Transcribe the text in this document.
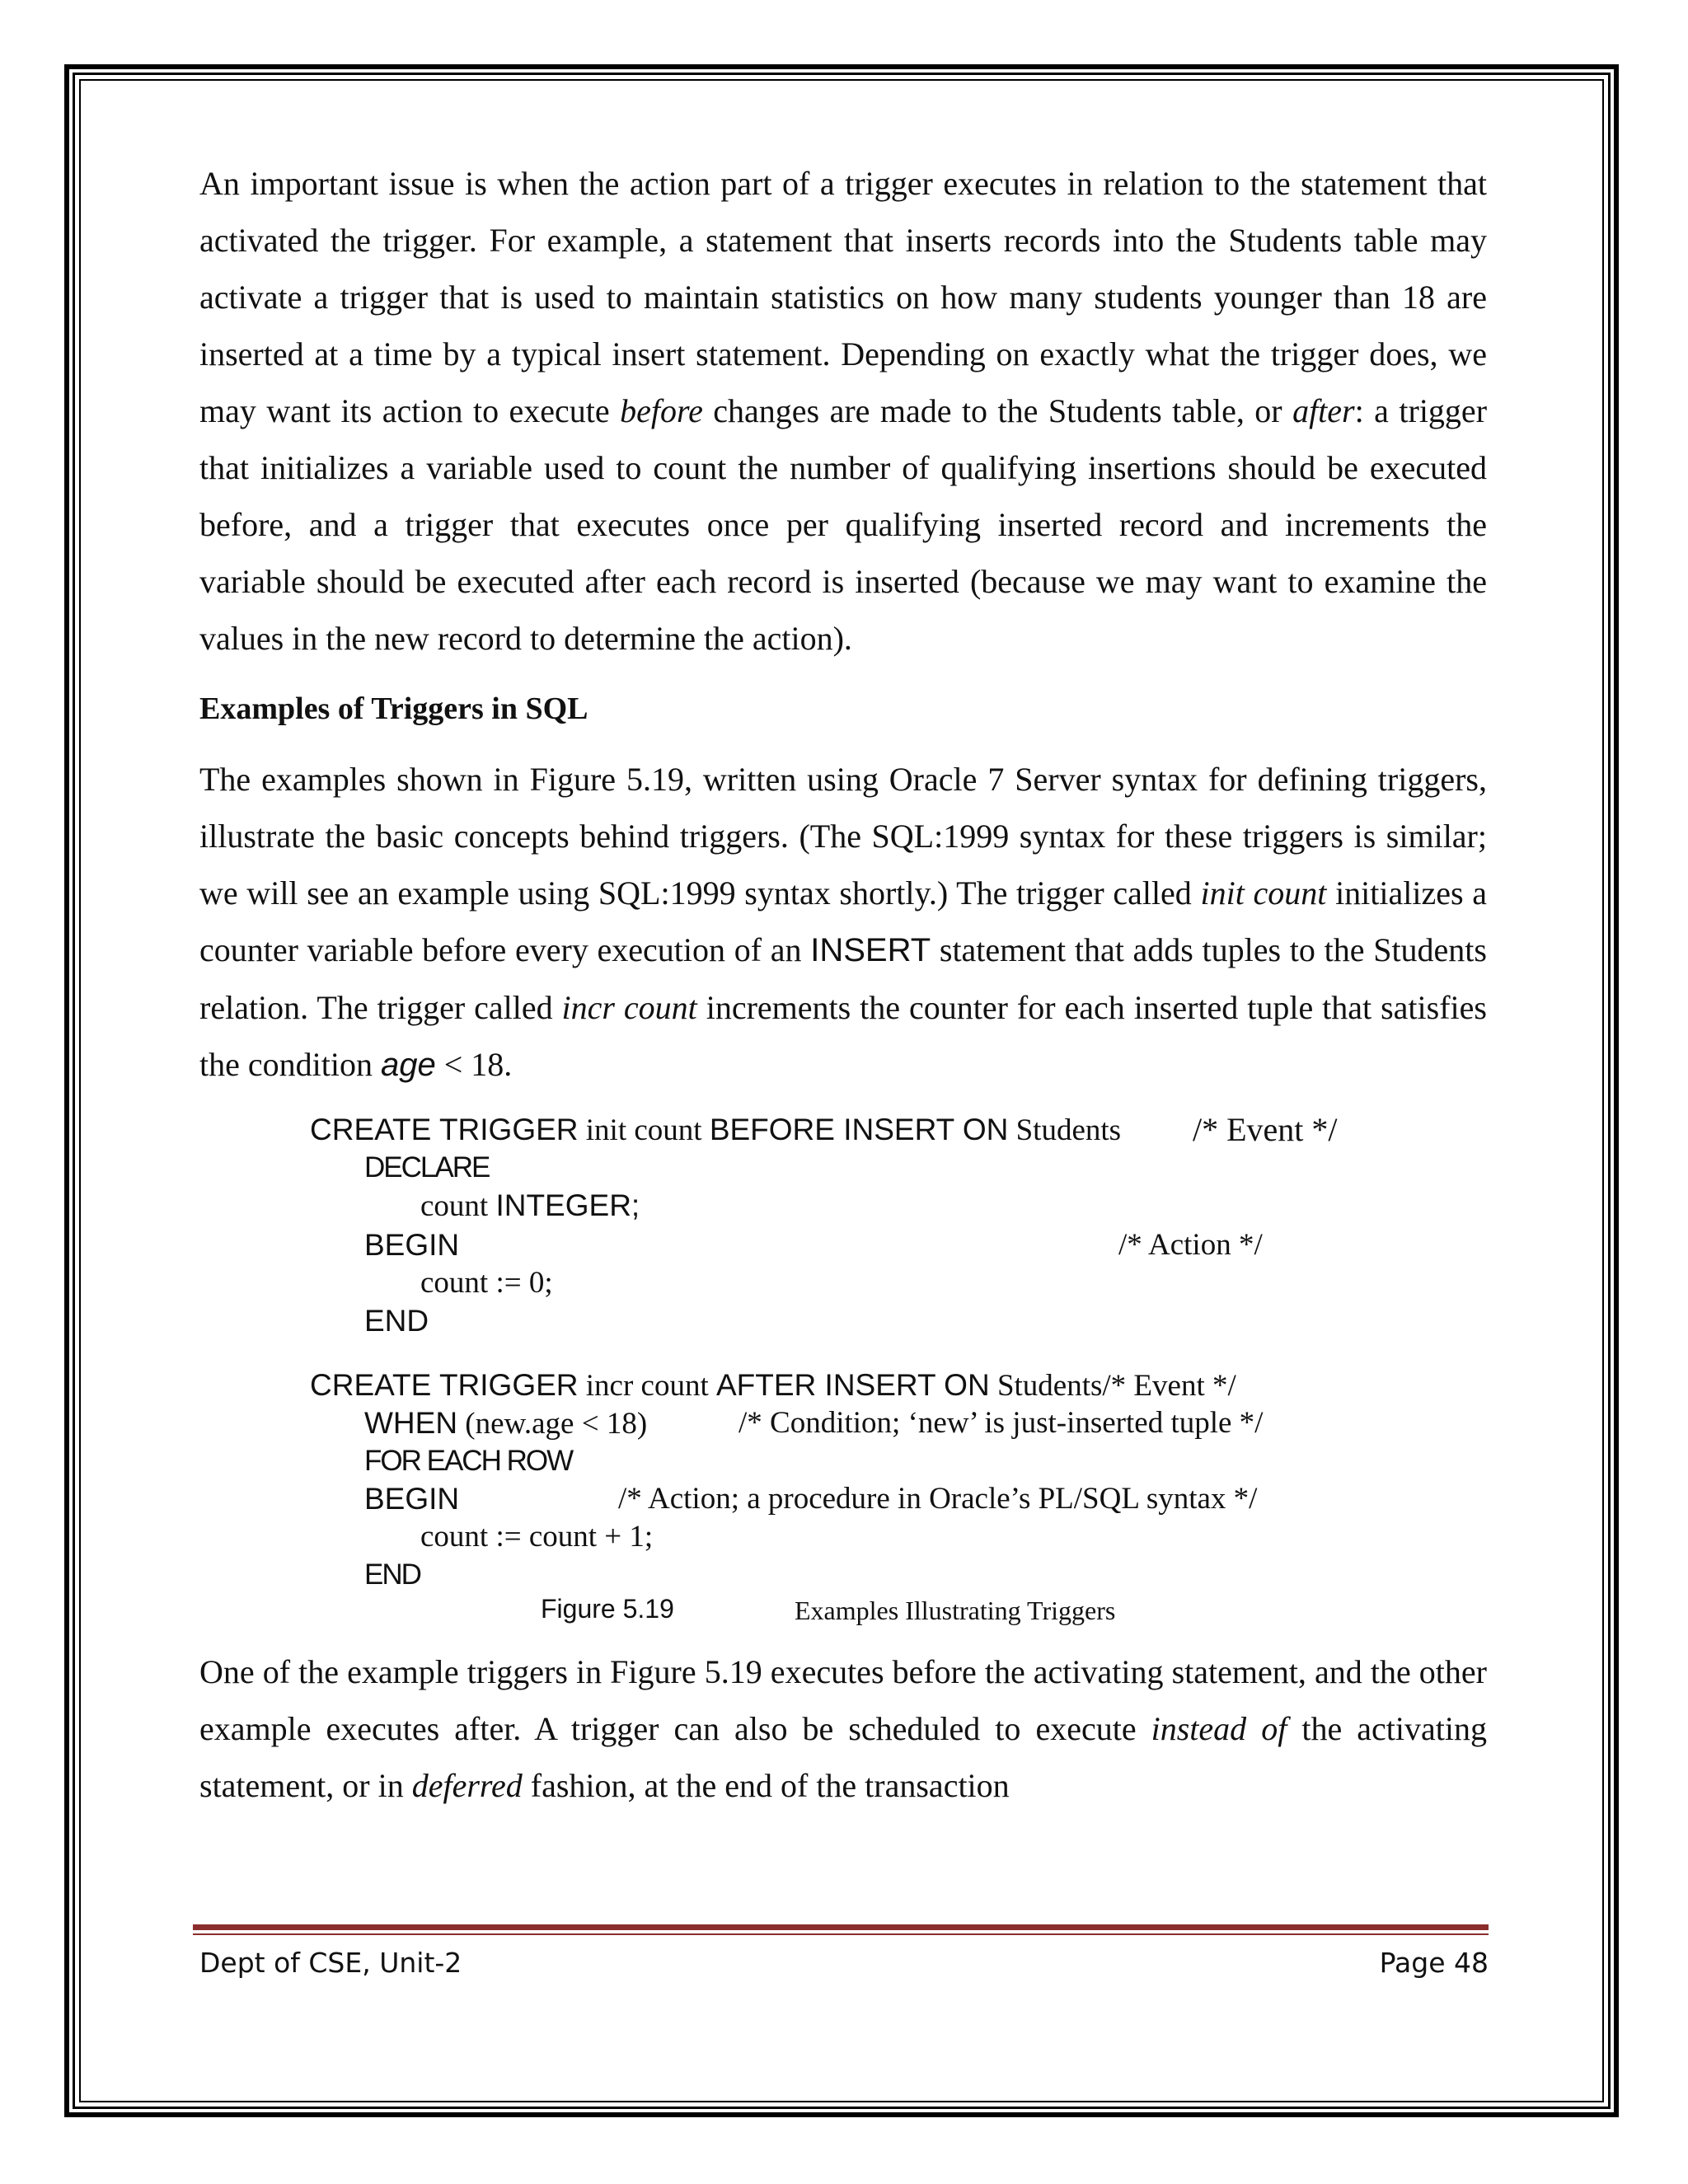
An important issue is when the action part of a trigger executes in relation to the statement that activated the trigger. For example, a statement that inserts records into the Students table may activate a trigger that is used to maintain statistics on how many students younger than 18 are inserted at a time by a typical insert statement. Depending on exactly what the trigger does, we may want its action to execute before changes are made to the Students table, or after: a trigger that initializes a variable used to count the number of qualifying insertions should be executed before, and a trigger that executes once per qualifying inserted record and increments the variable should be executed after each record is inserted (because we may want to examine the values in the new record to determine the action).

Examples of Triggers in SQL

The examples shown in Figure 5.19, written using Oracle 7 Server syntax for defining triggers, illustrate the basic concepts behind triggers. (The SQL:1999 syntax for these triggers is similar; we will see an example using SQL:1999 syntax shortly.) The trigger called init count initializes a counter variable before every execution of an INSERT statement that adds tuples to the Students relation. The trigger called incr count increments the counter for each inserted tuple that satisfies the condition age < 18.

CREATE TRIGGER init count BEFORE INSERT ON Students /* Event */
DECLARE
count INTEGER;
BEGIN	/* Action */
count := 0;
END
CREATE TRIGGER incr count AFTER INSERT ON Students/* Event */
WHEN (new.age < 18)	/* Condition; ‘new’ is just-inserted tuple */
FOR EACH ROW
BEGIN	/* Action; a procedure in Oracle’s PL/SQL syntax */
count := count + 1;
END
Figure 5.19	Examples Illustrating Triggers

One of the example triggers in Figure 5.19 executes before the activating statement, and the other example executes after. A trigger can also be scheduled to execute instead of the activating statement, or in deferred fashion, at the end of the transaction

Dept of CSE, Unit-2	Page 48
